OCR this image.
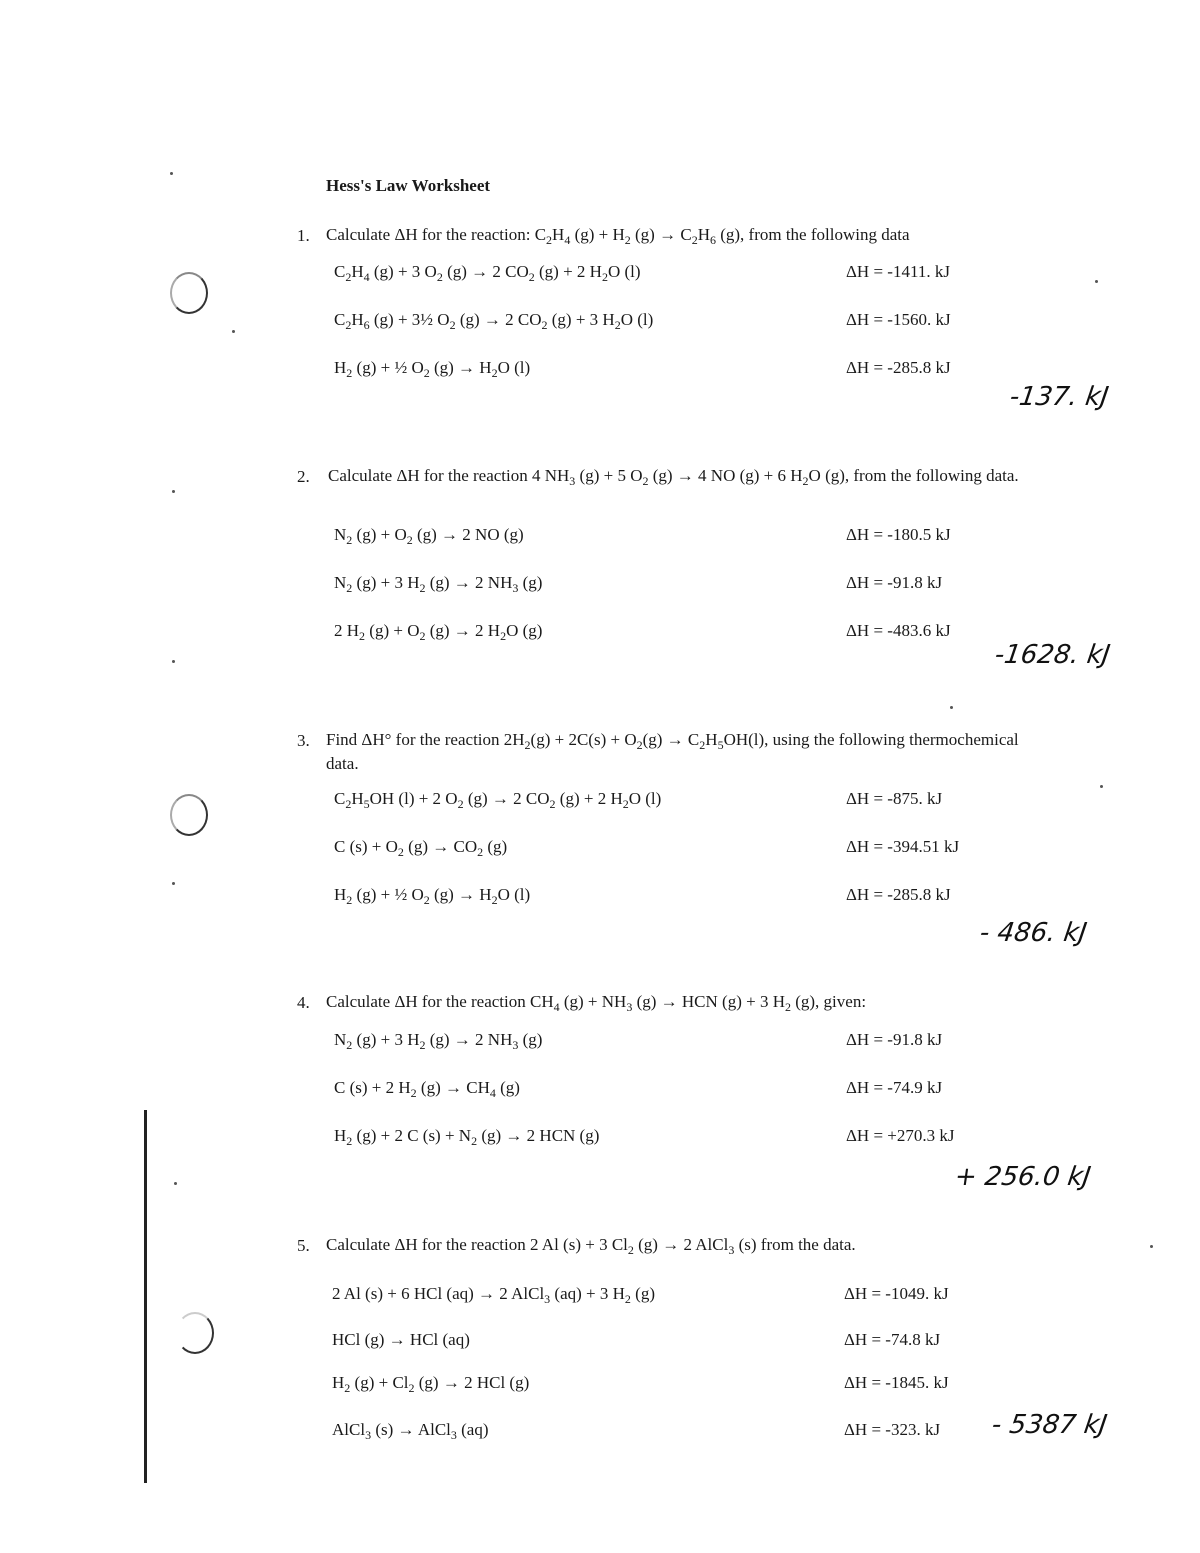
Hess's Law Worksheet
1. Calculate ΔH for the reaction: $C_2H_4$ $(g) + H_2$ $(g) \to C_2H_6$ (g), from the following data
$C_2H_4$ (g) + 3 $O_2$ (g) → 2 $CO_2$ (g) + 2 $H_2O$ (l)	ΔH = -1411. kJ
$C_2H_6$ (g) + 3½ $O_2$ (g) → 2 $CO_2$ (g) + 3 $H_2O$ (l)	ΔH = -1560. kJ
$H_2$ (g) + ½ $O_2$ $(g) \to H_2O$ (l)	ΔH = -285.8 kJ
-137. kJ
2. Calculate ΔH for the reaction 4 $NH_3$ (g) + 5 $O_2$ (g) → 4 NO (g) + 6 $H_2O$ (g), from the following data.
$N_2$ $(g) + O_2$ (g) → 2 NO (g)	ΔH = -180.5 kJ
$N_2$ (g) + 3 $H_2$ (g) → 2 $NH_3$ (g)	ΔH = -91.8 kJ
2 $H_2$ $(g) + O_2$ (g) → 2 $H_2O$ (g)	ΔH = -483.6 kJ
-1628. kJ
3. Find ΔH° for the reaction $2H_2(g) + 2C(s) + O_2(g) \to C_2H_5OH(l)$, using the following thermochemical data.
$C_2H_5OH$ (l) + 2 $O_2$ (g) → 2 $CO_2$ (g) + 2 $H_2O$ (l)	ΔH = -875. kJ
C $(s) + O_2$ $(g) \to CO_2$ (g)	ΔH = -394.51 kJ
$H_2$ (g) + ½ $O_2$ $(g) \to H_2O$ (l)	ΔH = -285.8 kJ
- 486. kJ
4. Calculate ΔH for the reaction $CH_4$ $(g) + NH_3$ (g) → HCN (g) + 3 $H_2$ (g), given:
$N_2$ (g) + 3 $H_2$ (g) → 2 $NH_3$ (g)	ΔH = -91.8 kJ
C (s) + 2 $H_2$ $(g) \to CH_4$ (g)	ΔH = -74.9 kJ
$H_2$ (g) + 2 C $(s) + N_2$ (g) → 2 HCN (g)	ΔH = +270.3 kJ
+ 256.0 kJ
5. Calculate ΔH for the reaction 2 Al (s) + 3 $Cl_2$ (g) → 2 AlCl$_3$ (s) from the data.
2 Al (s) + 6 HCl (aq) → 2 AlCl$_3$ (aq) + 3 $H_2$ (g)	ΔH = -1049. kJ
HCl (g) → HCl (aq)	ΔH = -74.8 kJ
$H_2$ $(g) + Cl_2$ (g) → 2 HCl (g)	ΔH = -1845. kJ
AlCl$_3$ (s) → AlCl$_3$ (aq)	ΔH = -323. kJ - 5387 kJ
